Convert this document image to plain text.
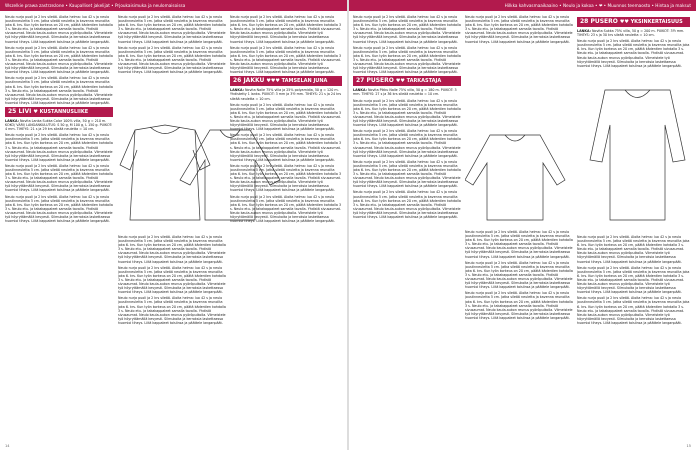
Wszelkie prawa zastrzeżone • Kaupalliset jakelijat • Prjoukaisimuka ja neulomaisoissa	Hilkka kahvasmaaikaaino • Neulo ja kokoa • ❤ • Muunnos teemaosto • Hintaa ja maksut

Neulo nurja puoli ja 2 krs sileää. Aloita helma: luo 42 s ja neulo joustinneuletta 5 cm. Jatka sileää neuletta ja kavenna reunoilta joka 6. krs. Kun työn korkeus on 20 cm, päätä kädentien kohdalla 3 s. Neulo etu- ja takakappaleet samalla tavalla. Yhdistä sivusaumat. Neulo kaula-aukon reunus pyöröpuikolla. Viimeistele työ höyryttämällä kevyesti. Silmukoita ja kerroksia laskettaessa huomioi tiheys. Liitä kappaleet toisiinsa ja päättele langanpäät.

Neulo nurja puoli ja 2 krs sileää. Aloita helma: luo 42 s ja neulo joustinneuletta 5 cm. Jatka sileää neuletta ja kavenna reunoilta joka 6. krs. Kun työn korkeus on 20 cm, päätä kädentien kohdalla 3 s. Neulo etu- ja takakappaleet samalla tavalla. Yhdistä sivusaumat. Neulo kaula-aukon reunus pyöröpuikolla. Viimeistele työ höyryttämällä kevyesti. Silmukoita ja kerroksia laskettaessa huomioi tiheys. Liitä kappaleet toisiinsa ja päättele langanpäät.

Neulo nurja puoli ja 2 krs sileää. Aloita helma: luo 42 s ja neulo joustinneuletta 5 cm. Jatka sileää neuletta ja kavenna reunoilta joka 6. krs. Kun työn korkeus on 20 cm, päätä kädentien kohdalla 3 s. Neulo etu- ja takakappaleet samalla tavalla. Yhdistä sivusaumat. Neulo kaula-aukon reunus pyöröpuikolla. Viimeistele työ höyryttämällä kevyesti. Silmukoita ja kerroksia laskettaessa huomioi tiheys. Liitä kappaleet toisiinsa ja päättele langanpäät.

25 LIVI ♥ KUSTANNUSLIIKE

LANKA: Novita Lanka Sukka Color 100% villa, 50 g = 210 m. KOKO/ VÄRI/ LANGANKULUTUS: S 50 g, M 100 g, L 150 g. PUIKOT: 4 mm. TIHEYS: 21 s ja 29 krs sileää neuletta = 10 cm.

Neulo nurja puoli ja 2 krs sileää. Aloita helma: luo 42 s ja neulo joustinneuletta 5 cm. Jatka sileää neuletta ja kavenna reunoilta joka 6. krs. Kun työn korkeus on 20 cm, päätä kädentien kohdalla 3 s. Neulo etu- ja takakappaleet samalla tavalla. Yhdistä sivusaumat. Neulo kaula-aukon reunus pyöröpuikolla. Viimeistele työ höyryttämällä kevyesti. Silmukoita ja kerroksia laskettaessa huomioi tiheys. Liitä kappaleet toisiinsa ja päättele langanpäät.

Neulo nurja puoli ja 2 krs sileää. Aloita helma: luo 42 s ja neulo joustinneuletta 5 cm. Jatka sileää neuletta ja kavenna reunoilta joka 6. krs. Kun työn korkeus on 20 cm, päätä kädentien kohdalla 3 s. Neulo etu- ja takakappaleet samalla tavalla. Yhdistä sivusaumat. Neulo kaula-aukon reunus pyöröpuikolla. Viimeistele työ höyryttämällä kevyesti. Silmukoita ja kerroksia laskettaessa huomioi tiheys. Liitä kappaleet toisiinsa ja päättele langanpäät.

Neulo nurja puoli ja 2 krs sileää. Aloita helma: luo 42 s ja neulo joustinneuletta 5 cm. Jatka sileää neuletta ja kavenna reunoilta joka 6. krs. Kun työn korkeus on 20 cm, päätä kädentien kohdalla 3 s. Neulo etu- ja takakappaleet samalla tavalla. Yhdistä sivusaumat. Neulo kaula-aukon reunus pyöröpuikolla. Viimeistele työ höyryttämällä kevyesti. Silmukoita ja kerroksia laskettaessa huomioi tiheys. Liitä kappaleet toisiinsa ja päättele langanpäät.

Neulo nurja puoli ja 2 krs sileää. Aloita helma: luo 42 s ja neulo joustinneuletta 5 cm. Jatka sileää neuletta ja kavenna reunoilta joka 6. krs. Kun työn korkeus on 20 cm, päätä kädentien kohdalla 3 s. Neulo etu- ja takakappaleet samalla tavalla. Yhdistä sivusaumat. Neulo kaula-aukon reunus pyöröpuikolla. Viimeistele työ höyryttämällä kevyesti. Silmukoita ja kerroksia laskettaessa huomioi tiheys. Liitä kappaleet toisiinsa ja päättele langanpäät.

Neulo nurja puoli ja 2 krs sileää. Aloita helma: luo 42 s ja neulo joustinneuletta 5 cm. Jatka sileää neuletta ja kavenna reunoilta joka 6. krs. Kun työn korkeus on 20 cm, päätä kädentien kohdalla 3 s. Neulo etu- ja takakappaleet samalla tavalla. Yhdistä sivusaumat. Neulo kaula-aukon reunus pyöröpuikolla. Viimeistele työ höyryttämällä kevyesti. Silmukoita ja kerroksia laskettaessa huomioi tiheys. Liitä kappaleet toisiinsa ja päättele langanpäät.

Neulo nurja puoli ja 2 krs sileää. Aloita helma: luo 42 s ja neulo joustinneuletta 5 cm. Jatka sileää neuletta ja kavenna reunoilta joka 6. krs. Kun työn korkeus on 20 cm, päätä kädentien kohdalla 3 s. Neulo etu- ja takakappaleet samalla tavalla. Yhdistä sivusaumat. Neulo kaula-aukon reunus pyöröpuikolla. Viimeistele työ höyryttämällä kevyesti. Silmukoita ja kerroksia laskettaessa huomioi tiheys. Liitä kappaleet toisiinsa ja päättele langanpäät.

Neulo nurja puoli ja 2 krs sileää. Aloita helma: luo 42 s ja neulo joustinneuletta 5 cm. Jatka sileää neuletta ja kavenna reunoilta joka 6. krs. Kun työn korkeus on 20 cm, päätä kädentien kohdalla 3 s. Neulo etu- ja takakappaleet samalla tavalla. Yhdistä sivusaumat. Neulo kaula-aukon reunus pyöröpuikolla. Viimeistele työ höyryttämällä kevyesti. Silmukoita ja kerroksia laskettaessa huomioi tiheys. Liitä kappaleet toisiinsa ja päättele langanpäät.

Neulo nurja puoli ja 2 krs sileää. Aloita helma: luo 42 s ja neulo joustinneuletta 5 cm. Jatka sileää neuletta ja kavenna reunoilta joka 6. krs. Kun työn korkeus on 20 cm, päätä kädentien kohdalla 3 s. Neulo etu- ja takakappaleet samalla tavalla. Yhdistä sivusaumat. Neulo kaula-aukon reunus pyöröpuikolla. Viimeistele työ höyryttämällä kevyesti. Silmukoita ja kerroksia laskettaessa huomioi tiheys. Liitä kappaleet toisiinsa ja päättele langanpäät.

Neulo nurja puoli ja 2 krs sileää. Aloita helma: luo 42 s ja neulo joustinneuletta 5 cm. Jatka sileää neuletta ja kavenna reunoilta joka 6. krs. Kun työn korkeus on 20 cm, päätä kädentien kohdalla 3 s. Neulo etu- ja takakappaleet samalla tavalla. Yhdistä sivusaumat. Neulo kaula-aukon reunus pyöröpuikolla. Viimeistele työ höyryttämällä kevyesti. Silmukoita ja kerroksia laskettaessa huomioi tiheys. Liitä kappaleet toisiinsa ja päättele langanpäät.

Neulo nurja puoli ja 2 krs sileää. Aloita helma: luo 42 s ja neulo joustinneuletta 5 cm. Jatka sileää neuletta ja kavenna reunoilta joka 6. krs. Kun työn korkeus on 20 cm, päätä kädentien kohdalla 3 s. Neulo etu- ja takakappaleet samalla tavalla. Yhdistä sivusaumat. Neulo kaula-aukon reunus pyöröpuikolla. Viimeistele työ höyryttämällä kevyesti. Silmukoita ja kerroksia laskettaessa huomioi tiheys. Liitä kappaleet toisiinsa ja päättele langanpäät.

26 JAKKU ♥♥♥ TAMSELAN JUNA

LANKA: Novita Nalle 75% villa ja 25% polyamidia, 50 g = 120 m. Yhdistetty 1 lanka. PUIKOT: 3 mm ja 3½ mm. TIHEYS: 21 s ja 24 krs sileää neuletta = 10 cm.

Neulo nurja puoli ja 2 krs sileää. Aloita helma: luo 42 s ja neulo joustinneuletta 5 cm. Jatka sileää neuletta ja kavenna reunoilta joka 6. krs. Kun työn korkeus on 20 cm, päätä kädentien kohdalla 3 s. Neulo etu- ja takakappaleet samalla tavalla. Yhdistä sivusaumat. Neulo kaula-aukon reunus pyöröpuikolla. Viimeistele työ höyryttämällä kevyesti. Silmukoita ja kerroksia laskettaessa huomioi tiheys. Liitä kappaleet toisiinsa ja päättele langanpäät.

Neulo nurja puoli ja 2 krs sileää. Aloita helma: luo 42 s ja neulo joustinneuletta 5 cm. Jatka sileää neuletta ja kavenna reunoilta joka 6. krs. Kun työn korkeus on 20 cm, päätä kädentien kohdalla 3 s. Neulo etu- ja takakappaleet samalla tavalla. Yhdistä sivusaumat. Neulo kaula-aukon reunus pyöröpuikolla. Viimeistele työ höyryttämällä kevyesti. Silmukoita ja kerroksia laskettaessa huomioi tiheys. Liitä kappaleet toisiinsa ja päättele langanpäät.

Neulo nurja puoli ja 2 krs sileää. Aloita helma: luo 42 s ja neulo joustinneuletta 5 cm. Jatka sileää neuletta ja kavenna reunoilta joka 6. krs. Kun työn korkeus on 20 cm, päätä kädentien kohdalla 3 s. Neulo etu- ja takakappaleet samalla tavalla. Yhdistä sivusaumat. Neulo kaula-aukon reunus pyöröpuikolla. Viimeistele työ höyryttämällä kevyesti. Silmukoita ja kerroksia laskettaessa huomioi tiheys. Liitä kappaleet toisiinsa ja päättele langanpäät.

Neulo nurja puoli ja 2 krs sileää. Aloita helma: luo 42 s ja neulo joustinneuletta 5 cm. Jatka sileää neuletta ja kavenna reunoilta joka 6. krs. Kun työn korkeus on 20 cm, päätä kädentien kohdalla 3 s. Neulo etu- ja takakappaleet samalla tavalla. Yhdistä sivusaumat. Neulo kaula-aukon reunus pyöröpuikolla. Viimeistele työ höyryttämällä kevyesti. Silmukoita ja kerroksia laskettaessa huomioi tiheys. Liitä kappaleet toisiinsa ja päättele langanpäät.

Neulo nurja puoli ja 2 krs sileää. Aloita helma: luo 42 s ja neulo joustinneuletta 5 cm. Jatka sileää neuletta ja kavenna reunoilta joka 6. krs. Kun työn korkeus on 20 cm, päätä kädentien kohdalla 3 s. Neulo etu- ja takakappaleet samalla tavalla. Yhdistä sivusaumat. Neulo kaula-aukon reunus pyöröpuikolla. Viimeistele työ höyryttämällä kevyesti. Silmukoita ja kerroksia laskettaessa huomioi tiheys. Liitä kappaleet toisiinsa ja päättele langanpäät.

Neulo nurja puoli ja 2 krs sileää. Aloita helma: luo 42 s ja neulo joustinneuletta 5 cm. Jatka sileää neuletta ja kavenna reunoilta joka 6. krs. Kun työn korkeus on 20 cm, päätä kädentien kohdalla 3 s. Neulo etu- ja takakappaleet samalla tavalla. Yhdistä sivusaumat. Neulo kaula-aukon reunus pyöröpuikolla. Viimeistele työ höyryttämällä kevyesti. Silmukoita ja kerroksia laskettaessa huomioi tiheys. Liitä kappaleet toisiinsa ja päättele langanpäät.

27 PUSERO ♥♥ TARKASTAJA

LANKA: Novita Pikku Nalle 75% villa, 50 g = 180 m. PUIKOT: 3 mm. TIHEYS: 27 s ja 36 krs sileää neuletta = 10 cm.

Neulo nurja puoli ja 2 krs sileää. Aloita helma: luo 42 s ja neulo joustinneuletta 5 cm. Jatka sileää neuletta ja kavenna reunoilta joka 6. krs. Kun työn korkeus on 20 cm, päätä kädentien kohdalla 3 s. Neulo etu- ja takakappaleet samalla tavalla. Yhdistä sivusaumat. Neulo kaula-aukon reunus pyöröpuikolla. Viimeistele työ höyryttämällä kevyesti. Silmukoita ja kerroksia laskettaessa huomioi tiheys. Liitä kappaleet toisiinsa ja päättele langanpäät.

Neulo nurja puoli ja 2 krs sileää. Aloita helma: luo 42 s ja neulo joustinneuletta 5 cm. Jatka sileää neuletta ja kavenna reunoilta joka 6. krs. Kun työn korkeus on 20 cm, päätä kädentien kohdalla 3 s. Neulo etu- ja takakappaleet samalla tavalla. Yhdistä sivusaumat. Neulo kaula-aukon reunus pyöröpuikolla. Viimeistele työ höyryttämällä kevyesti. Silmukoita ja kerroksia laskettaessa huomioi tiheys. Liitä kappaleet toisiinsa ja päättele langanpäät.

Neulo nurja puoli ja 2 krs sileää. Aloita helma: luo 42 s ja neulo joustinneuletta 5 cm. Jatka sileää neuletta ja kavenna reunoilta joka 6. krs. Kun työn korkeus on 20 cm, päätä kädentien kohdalla 3 s. Neulo etu- ja takakappaleet samalla tavalla. Yhdistä sivusaumat. Neulo kaula-aukon reunus pyöröpuikolla. Viimeistele työ höyryttämällä kevyesti. Silmukoita ja kerroksia laskettaessa huomioi tiheys. Liitä kappaleet toisiinsa ja päättele langanpäät.

Neulo nurja puoli ja 2 krs sileää. Aloita helma: luo 42 s ja neulo joustinneuletta 5 cm. Jatka sileää neuletta ja kavenna reunoilta joka 6. krs. Kun työn korkeus on 20 cm, päätä kädentien kohdalla 3 s. Neulo etu- ja takakappaleet samalla tavalla. Yhdistä sivusaumat. Neulo kaula-aukon reunus pyöröpuikolla. Viimeistele työ höyryttämällä kevyesti. Silmukoita ja kerroksia laskettaessa huomioi tiheys. Liitä kappaleet toisiinsa ja päättele langanpäät.

Neulo nurja puoli ja 2 krs sileää. Aloita helma: luo 42 s ja neulo joustinneuletta 5 cm. Jatka sileää neuletta ja kavenna reunoilta joka 6. krs. Kun työn korkeus on 20 cm, päätä kädentien kohdalla 3 s. Neulo etu- ja takakappaleet samalla tavalla. Yhdistä sivusaumat. Neulo kaula-aukon reunus pyöröpuikolla. Viimeistele työ höyryttämällä kevyesti. Silmukoita ja kerroksia laskettaessa huomioi tiheys. Liitä kappaleet toisiinsa ja päättele langanpäät.

Neulo nurja puoli ja 2 krs sileää. Aloita helma: luo 42 s ja neulo joustinneuletta 5 cm. Jatka sileää neuletta ja kavenna reunoilta joka 6. krs. Kun työn korkeus on 20 cm, päätä kädentien kohdalla 3 s. Neulo etu- ja takakappaleet samalla tavalla. Yhdistä sivusaumat. Neulo kaula-aukon reunus pyöröpuikolla. Viimeistele työ höyryttämällä kevyesti. Silmukoita ja kerroksia laskettaessa huomioi tiheys. Liitä kappaleet toisiinsa ja päättele langanpäät.

Neulo nurja puoli ja 2 krs sileää. Aloita helma: luo 42 s ja neulo joustinneuletta 5 cm. Jatka sileää neuletta ja kavenna reunoilta joka 6. krs. Kun työn korkeus on 20 cm, päätä kädentien kohdalla 3 s. Neulo etu- ja takakappaleet samalla tavalla. Yhdistä sivusaumat. Neulo kaula-aukon reunus pyöröpuikolla. Viimeistele työ höyryttämällä kevyesti. Silmukoita ja kerroksia laskettaessa huomioi tiheys. Liitä kappaleet toisiinsa ja päättele langanpäät.

Neulo nurja puoli ja 2 krs sileää. Aloita helma: luo 42 s ja neulo joustinneuletta 5 cm. Jatka sileää neuletta ja kavenna reunoilta joka 6. krs. Kun työn korkeus on 20 cm, päätä kädentien kohdalla 3 s. Neulo etu- ja takakappaleet samalla tavalla. Yhdistä sivusaumat. Neulo kaula-aukon reunus pyöröpuikolla. Viimeistele työ höyryttämällä kevyesti. Silmukoita ja kerroksia laskettaessa huomioi tiheys. Liitä kappaleet toisiinsa ja päättele langanpäät.

28 PUSERO ♥♥ YKSINKERTAISUUS

LANKA: Novita Sukka 75% villa, 50 g = 200 m. PUIKOT: 3½ mm. TIHEYS: 23 s ja 30 krs sileää neuletta = 10 cm.

Neulo nurja puoli ja 2 krs sileää. Aloita helma: luo 42 s ja neulo joustinneuletta 5 cm. Jatka sileää neuletta ja kavenna reunoilta joka 6. krs. Kun työn korkeus on 20 cm, päätä kädentien kohdalla 3 s. Neulo etu- ja takakappaleet samalla tavalla. Yhdistä sivusaumat. Neulo kaula-aukon reunus pyöröpuikolla. Viimeistele työ höyryttämällä kevyesti. Silmukoita ja kerroksia laskettaessa huomioi tiheys. Liitä kappaleet toisiinsa ja päättele langanpäät.

Neulo nurja puoli ja 2 krs sileää. Aloita helma: luo 42 s ja neulo joustinneuletta 5 cm. Jatka sileää neuletta ja kavenna reunoilta joka 6. krs. Kun työn korkeus on 20 cm, päätä kädentien kohdalla 3 s. Neulo etu- ja takakappaleet samalla tavalla. Yhdistä sivusaumat. Neulo kaula-aukon reunus pyöröpuikolla. Viimeistele työ höyryttämällä kevyesti. Silmukoita ja kerroksia laskettaessa huomioi tiheys. Liitä kappaleet toisiinsa ja päättele langanpäät.

Neulo nurja puoli ja 2 krs sileää. Aloita helma: luo 42 s ja neulo joustinneuletta 5 cm. Jatka sileää neuletta ja kavenna reunoilta joka 6. krs. Kun työn korkeus on 20 cm, päätä kädentien kohdalla 3 s. Neulo etu- ja takakappaleet samalla tavalla. Yhdistä sivusaumat. Neulo kaula-aukon reunus pyöröpuikolla. Viimeistele työ höyryttämällä kevyesti. Silmukoita ja kerroksia laskettaessa huomioi tiheys. Liitä kappaleet toisiinsa ja päättele langanpäät.

Neulo nurja puoli ja 2 krs sileää. Aloita helma: luo 42 s ja neulo joustinneuletta 5 cm. Jatka sileää neuletta ja kavenna reunoilta joka 6. krs. Kun työn korkeus on 20 cm, päätä kädentien kohdalla 3 s. Neulo etu- ja takakappaleet samalla tavalla. Yhdistä sivusaumat. Neulo kaula-aukon reunus pyöröpuikolla. Viimeistele työ höyryttämällä kevyesti. Silmukoita ja kerroksia laskettaessa huomioi tiheys. Liitä kappaleet toisiinsa ja päättele langanpäät.

14	15
